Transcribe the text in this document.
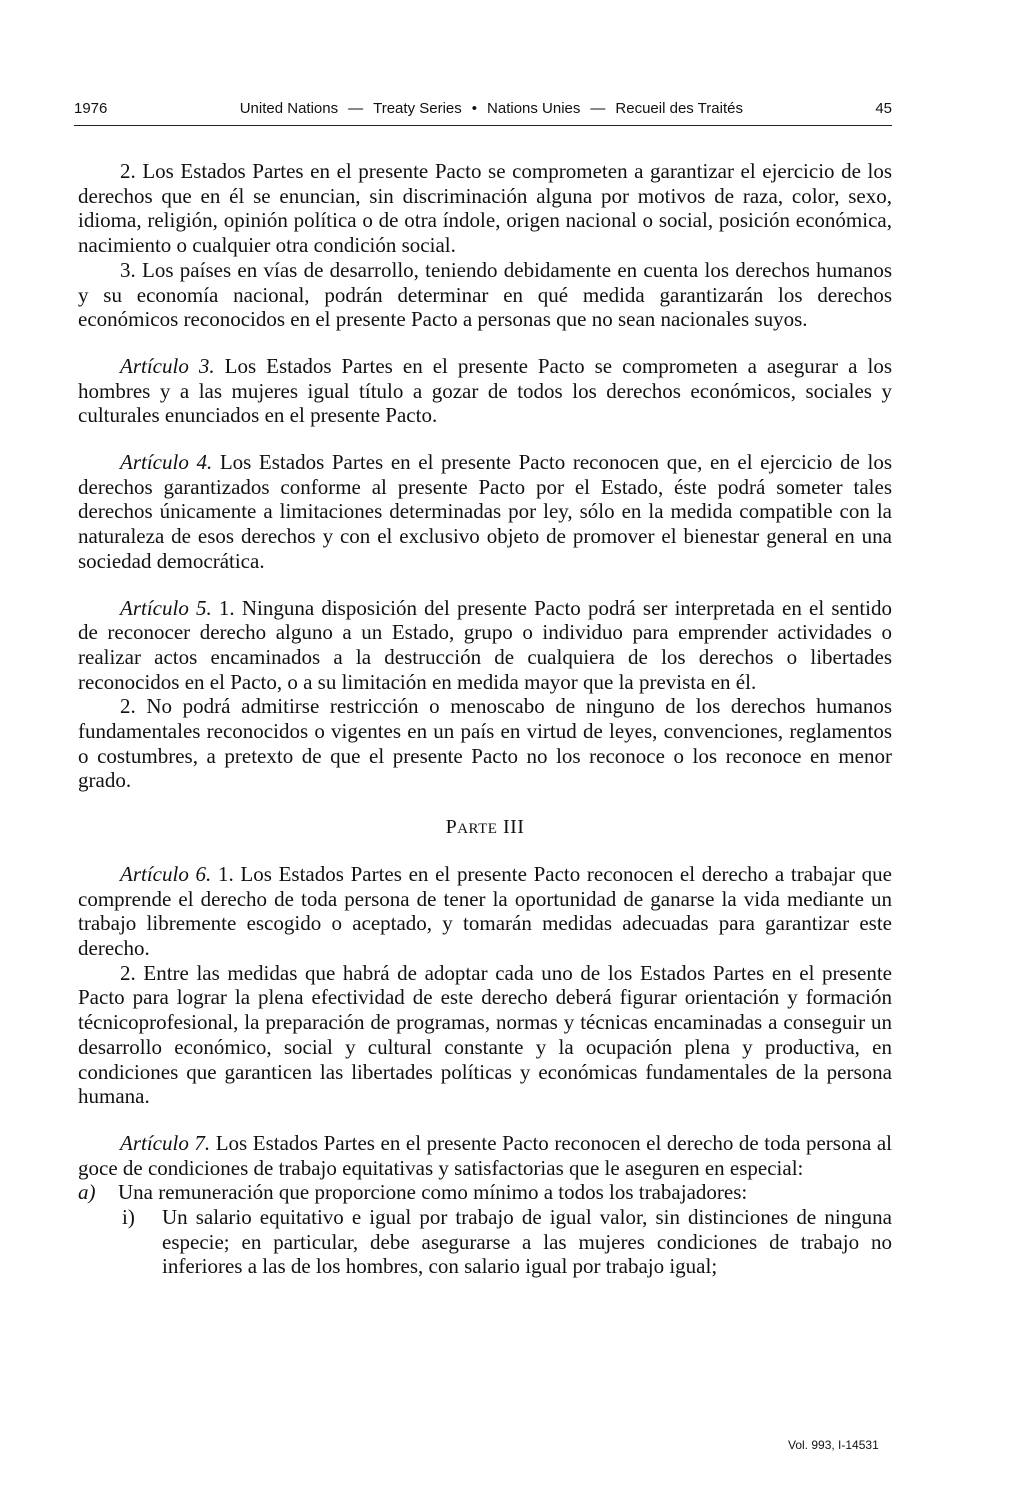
1976	United Nations — Treaty Series • Nations Unies — Recueil des Traités	45

2. Los Estados Partes en el presente Pacto se comprometen a garantizar el ejercicio de los derechos que en él se enuncian, sin discriminación alguna por motivos de raza, color, sexo, idioma, religión, opinión política o de otra índole, origen nacional o social, posición económica, nacimiento o cualquier otra condición social.

3. Los países en vías de desarrollo, teniendo debidamente en cuenta los derechos humanos y su economía nacional, podrán determinar en qué medida garantizarán los derechos económicos reconocidos en el presente Pacto a personas que no sean nacionales suyos.

Artículo 3. Los Estados Partes en el presente Pacto se comprometen a asegurar a los hombres y a las mujeres igual título a gozar de todos los derechos económicos, sociales y culturales enunciados en el presente Pacto.

Artículo 4. Los Estados Partes en el presente Pacto reconocen que, en el ejercicio de los derechos garantizados conforme al presente Pacto por el Estado, éste podrá someter tales derechos únicamente a limitaciones determinadas por ley, sólo en la medida compatible con la naturaleza de esos derechos y con el exclusivo objeto de promover el bienestar general en una sociedad democrática.

Artículo 5. 1. Ninguna disposición del presente Pacto podrá ser interpretada en el sentido de reconocer derecho alguno a un Estado, grupo o individuo para emprender actividades o realizar actos encaminados a la destrucción de cualquiera de los derechos o libertades reconocidos en el Pacto, o a su limitación en medida mayor que la prevista en él.

2. No podrá admitirse restricción o menoscabo de ninguno de los derechos humanos fundamentales reconocidos o vigentes en un país en virtud de leyes, convenciones, reglamentos o costumbres, a pretexto de que el presente Pacto no los reconoce o los reconoce en menor grado.

PARTE III

Artículo 6. 1. Los Estados Partes en el presente Pacto reconocen el derecho a trabajar que comprende el derecho de toda persona de tener la oportunidad de ganarse la vida mediante un trabajo libremente escogido o aceptado, y tomarán medidas adecuadas para garantizar este derecho.

2. Entre las medidas que habrá de adoptar cada uno de los Estados Partes en el presente Pacto para lograr la plena efectividad de este derecho deberá figurar orientación y formación técnicoprofesional, la preparación de programas, normas y técnicas encaminadas a conseguir un desarrollo económico, social y cultural constante y la ocupación plena y productiva, en condiciones que garanticen las libertades políticas y económicas fundamentales de la persona humana.

Artículo 7. Los Estados Partes en el presente Pacto reconocen el derecho de toda persona al goce de condiciones de trabajo equitativas y satisfactorias que le aseguren en especial:

a)	Una remuneración que proporcione como mínimo a todos los trabajadores:
i)	Un salario equitativo e igual por trabajo de igual valor, sin distinciones de ninguna especie; en particular, debe asegurarse a las mujeres condiciones de trabajo no inferiores a las de los hombres, con salario igual por trabajo igual;
Vol. 993, I-14531
